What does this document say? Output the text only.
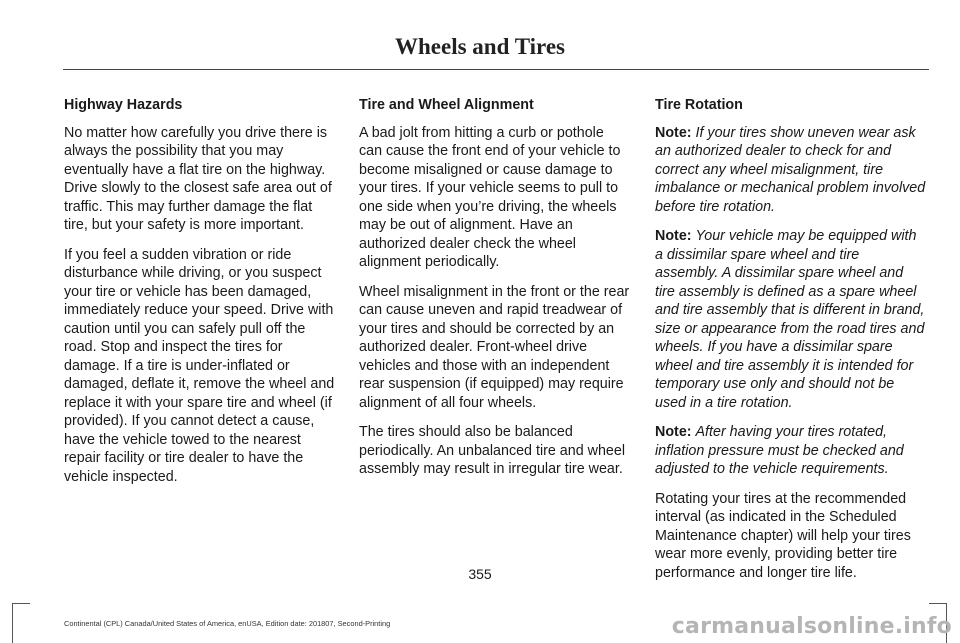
Wheels and Tires
Highway Hazards

No matter how carefully you drive there is always the possibility that you may eventually have a flat tire on the highway. Drive slowly to the closest safe area out of traffic. This may further damage the flat tire, but your safety is more important.

If you feel a sudden vibration or ride disturbance while driving, or you suspect your tire or vehicle has been damaged, immediately reduce your speed. Drive with caution until you can safely pull off the road. Stop and inspect the tires for damage. If a tire is under-inflated or damaged, deflate it, remove the wheel and replace it with your spare tire and wheel (if provided). If you cannot detect a cause, have the vehicle towed to the nearest repair facility or tire dealer to have the vehicle inspected.

Tire and Wheel Alignment

A bad jolt from hitting a curb or pothole can cause the front end of your vehicle to become misaligned or cause damage to your tires. If your vehicle seems to pull to one side when you’re driving, the wheels may be out of alignment. Have an authorized dealer check the wheel alignment periodically.

Wheel misalignment in the front or the rear can cause uneven and rapid treadwear of your tires and should be corrected by an authorized dealer. Front-wheel drive vehicles and those with an independent rear suspension (if equipped) may require alignment of all four wheels.

The tires should also be balanced periodically. An unbalanced tire and wheel assembly may result in irregular tire wear.

Tire Rotation

Note: If your tires show uneven wear ask an authorized dealer to check for and correct any wheel misalignment, tire imbalance or mechanical problem involved before tire rotation.

Note: Your vehicle may be equipped with a dissimilar spare wheel and tire assembly. A dissimilar spare wheel and tire assembly is defined as a spare wheel and tire assembly that is different in brand, size or appearance from the road tires and wheels. If you have a dissimilar spare wheel and tire assembly it is intended for temporary use only and should not be used in a tire rotation.

Note: After having your tires rotated, inflation pressure must be checked and adjusted to the vehicle requirements.

Rotating your tires at the recommended interval (as indicated in the Scheduled Maintenance chapter) will help your tires wear more evenly, providing better tire performance and longer tire life.

355
Continental (CPL) Canada/United States of America, enUSA, Edition date: 201807, Second-Printing	carmanualsonline.info
